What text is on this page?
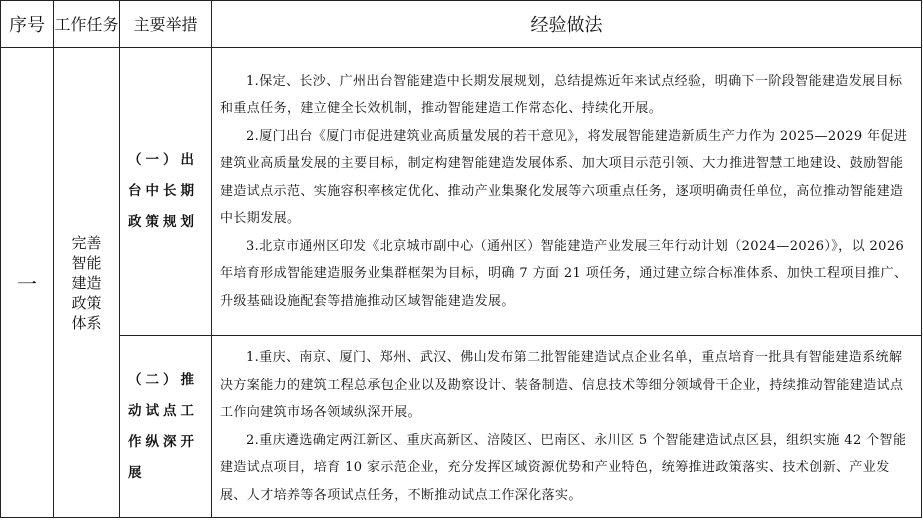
序号	工作任务	主要举措	经验做法
一	完善智能建造政策体系	（一）出台中长期政策规划	1.保定、长沙、广州出台智能建造中长期发展规划，总结提炼近年来试点经验，明确下一阶段智能建造发展目标和重点任务，建立健全长效机制，推动智能建造工作常态化、持续化开展。

2.厦门出台《厦门市促进建筑业高质量发展的若干意见》，将发展智能建造新质生产力作为 2025—2029 年促进建筑业高质量发展的主要目标，制定构建智能建造发展体系、加大项目示范引领、大力推进智慧工地建设、鼓励智能建造试点示范、实施容积率核定优化、推动产业集聚化发展等六项重点任务，逐项明确责任单位，高位推动智能建造中长期发展。

3.北京市通州区印发《北京城市副中心（通州区）智能建造产业发展三年行动计划（2024—2026）》，以 2026 年培育形成智能建造服务业集群框架为目标，明确 7 方面 21 项任务，通过建立综合标准体系、加快工程项目推广、升级基础设施配套等措施推动区域智能建造发展。

		（二）推动试点工作纵深开展	1.重庆、南京、厦门、郑州、武汉、佛山发布第二批智能建造试点企业名单，重点培育一批具有智能建造系统解决方案能力的建筑工程总承包企业以及勘察设计、装备制造、信息技术等细分领域骨干企业，持续推动智能建造试点工作向建筑市场各领域纵深开展。

2.重庆遴选确定两江新区、重庆高新区、涪陵区、巴南区、永川区 5 个智能建造试点区县，组织实施 42 个智能建造试点项目，培育 10 家示范企业，充分发挥区域资源优势和产业特色，统筹推进政策落实、技术创新、产业发展、人才培养等各项试点任务，不断推动试点工作深化落实。
